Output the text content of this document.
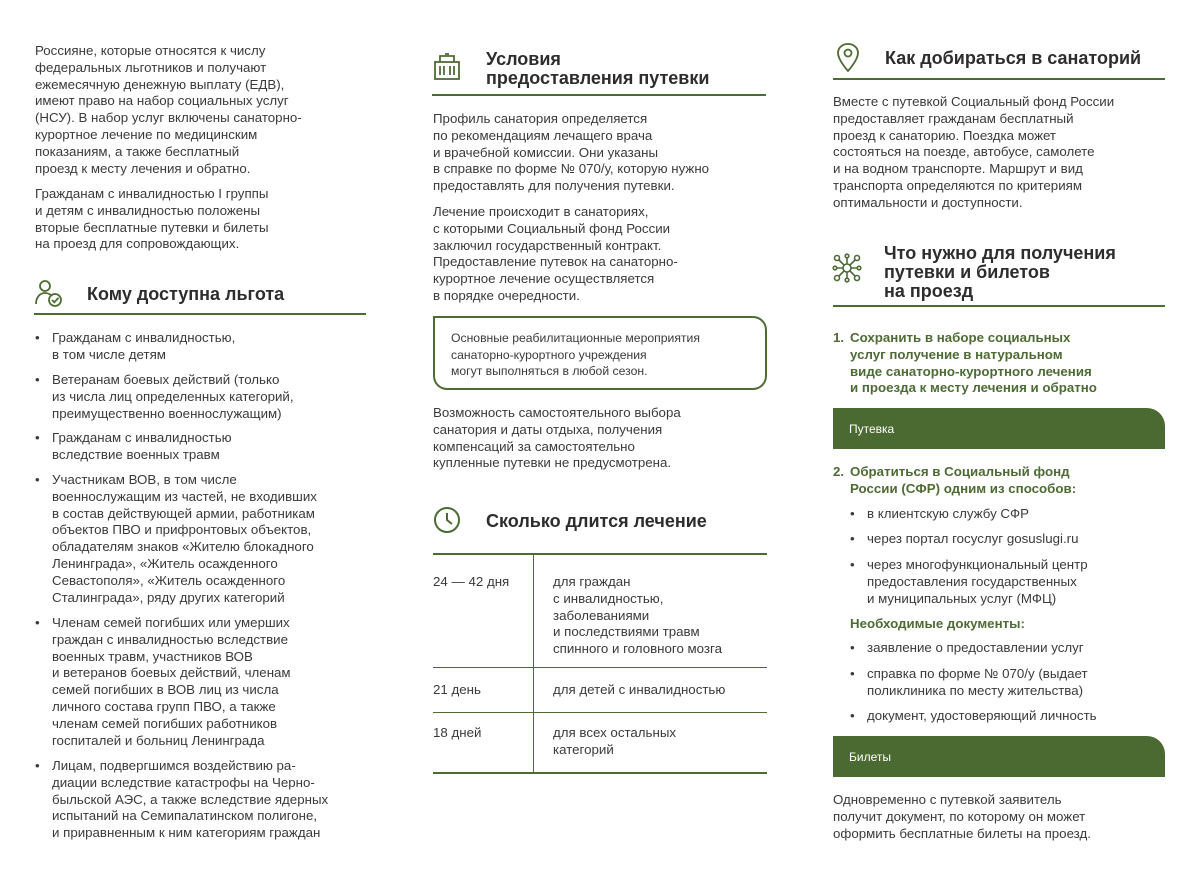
Россияне, которые относятся к числу
федеральных льготников и получают
ежемесячную денежную выплату (ЕДВ),
имеют право на набор социальных услуг
(НСУ). В набор услуг включены санаторно-
курортное лечение по медицинским
показаниям, а также бесплатный
проезд к месту лечения и обратно.
Гражданам с инвалидностью I группы
и детям с инвалидностью положены
вторые бесплатные путевки и билеты
на проезд для сопровождающих.
Кому доступна льгота
• Гражданам с инвалидностью,
в том числе детям
• Ветеранам боевых действий (только
из числа лиц определенных категорий,
преимущественно военнослужащим)
• Гражданам с инвалидностью
вследствие военных травм
• Участникам ВОВ, в том числе
военнослужащим из частей, не входивших
в состав действующей армии, работникам
объектов ПВО и прифронтовых объектов,
обладателям знаков «Жителю блокадного
Ленинграда», «Житель осажденного
Севастополя», «Житель осажденного
Сталинграда», ряду других категорий
• Членам семей погибших или умерших
граждан с инвалидностью вследствие
военных травм, участников ВОВ
и ветеранов боевых действий, членам
семей погибших в ВОВ лиц из числа
личного состава групп ПВО, а также
членам семей погибших работников
госпиталей и больниц Ленинграда
• Лицам, подвергшимся воздействию ра-
диации вследствие катастрофы на Черно-
быльской АЭС, а также вследствие ядерных
испытаний на Семипалатинском полигоне,
и приравненным к ним категориям граждан
Условия
предоставления путевки
Профиль санатория определяется
по рекомендациям лечащего врача
и врачебной комиссии. Они указаны
в справке по форме № 070/у, которую нужно
предоставлять для получения путевки.
Лечение происходит в санаториях,
с которыми Социальный фонд России
заключил государственный контракт.
Предоставление путевок на санаторно-
курортное лечение осуществляется
в порядке очередности.
Основные реабилитационные мероприятия
санаторно-курортного учреждения
могут выполняться в любой сезон.
Возможность самостоятельного выбора
санатория и даты отдыха, получения
компенсаций за самостоятельно
купленные путевки не предусмотрена.
Сколько длится лечение
24 — 42 дня	для граждан
с инвалидностью,
заболеваниями
и последствиями травм
спинного и головного мозга
21 день	для детей с инвалидностью
18 дней	для всех остальных
категорий
Как добираться в санаторий
Вместе с путевкой Социальный фонд России
предоставляет гражданам бесплатный
проезд к санаторию. Поездка может
состояться на поезде, автобусе, самолете
и на водном транспорте. Маршрут и вид
транспорта определяются по критериям
оптимальности и доступности.
Что нужно для получения
путевки и билетов
на проезд
1. Сохранить в наборе социальных
услуг получение в натуральном
виде санаторно-курортного лечения
и проезда к месту лечения и обратно
Путевка
2. Обратиться в Социальный фонд
России (СФР) одним из способов:
• в клиентскую службу СФР
• через портал госуслуг gosuslugi.ru
• через многофункциональный центр
предоставления государственных
и муниципальных услуг (МФЦ)
Необходимые документы:
• заявление о предоставлении услуг
• справка по форме № 070/у (выдает
поликлиника по месту жительства)
• документ, удостоверяющий личность
Билеты
Одновременно с путевкой заявитель
получит документ, по которому он может
оформить бесплатные билеты на проезд.
